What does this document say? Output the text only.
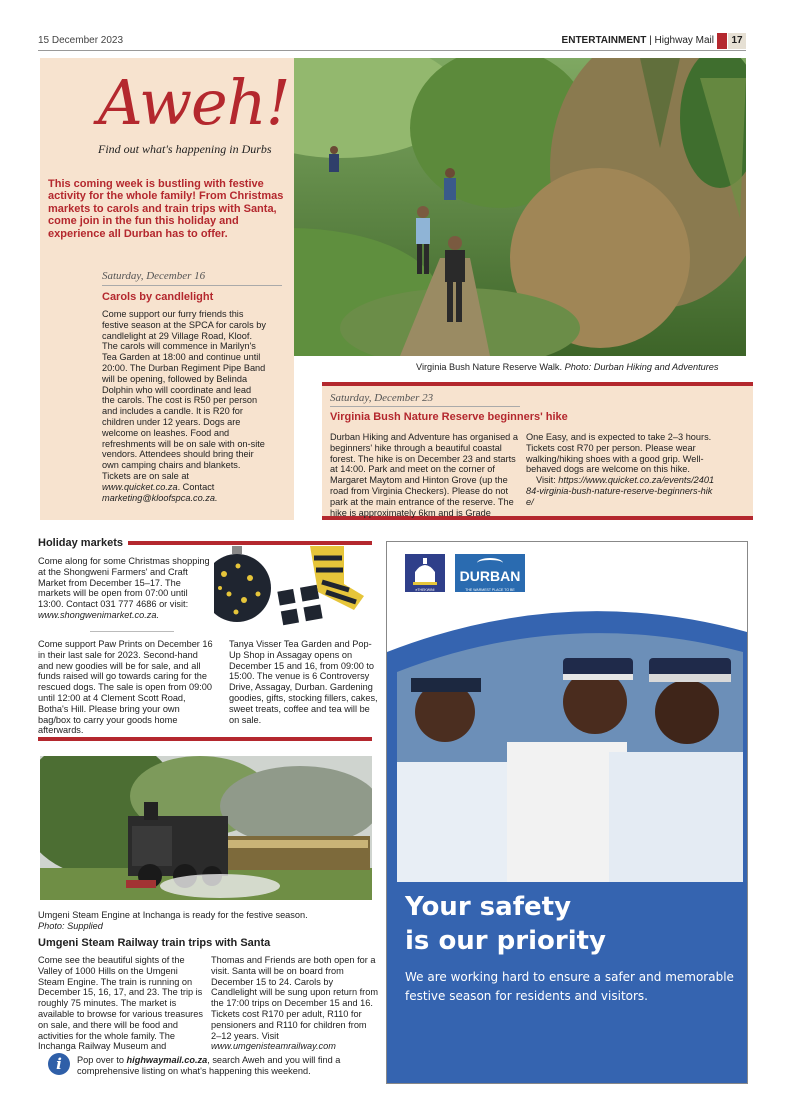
15 December 2023	ENTERTAINMENT | Highway Mail	17
Aweh!
Find out what's happening in Durbs
This coming week is bustling with festive activity for the whole family! From Christmas markets to carols and train trips with Santa, come join in the fun this holiday and experience all Durban has to offer.
Saturday, December 16
Carols by candlelight
Come support our furry friends this festive season at the SPCA for carols by candlelight at 29 Village Road, Kloof. The carols will commence in Marilyn's Tea Garden at 18:00 and continue until 20:00. The Durban Regiment Pipe Band will be opening, followed by Belinda Dolphin who will coordinate and lead the carols. The cost is R50 per person and includes a candle. It is R20 for children under 12 years. Dogs are welcome on leashes. Food and refreshments will be on sale with on-site vendors. Attendees should bring their own camping chairs and blankets. Tickets are on sale at www.quicket.co.za. Contact marketing@kloofspca.co.za.
Virginia Bush Nature Reserve Walk. Photo: Durban Hiking and Adventures
Saturday, December 23
Virginia Bush Nature Reserve beginners' hike
Durban Hiking and Adventure has organised a beginners' hike through a beautiful coastal forest. The hike is on December 23 and starts at 14:00. Park and meet on the corner of Margaret Maytom and Hinton Grove (up the road from Virginia Checkers). Please do not park at the main entrance of the reserve. The hike is approximately 6km and is Grade
One Easy, and is expected to take 2–3 hours. Tickets cost R70 per person. Please wear walking/hiking shoes with a good grip. Well-behaved dogs are welcome on this hike.
Visit: https://www.quicket.co.za/events/240184-virginia-bush-nature-reserve-beginners-hike/
Holiday markets
Come along for some Christmas shopping at the Shongweni Farmers' and Craft Market from December 15–17. The markets will be open from 07:00 until 13:00. Contact 031 777 4686 or visit: www.shongwenimarket.co.za.
Come support Paw Prints on December 16 in their last sale for 2023. Second-hand and new goodies will be for sale, and all funds raised will go towards caring for the rescued dogs. The sale is open from 09:00 until 12:00 at 4 Clement Scott Road, Botha's Hill. Please bring your own bag/box to carry your goods home afterwards.
Tanya Visser Tea Garden and Pop-Up Shop in Assagay opens on December 15 and 16, from 09:00 to 15:00. The venue is 6 Controversy Drive, Assagay, Durban. Gardening goodies, gifts, stocking fillers, cakes, sweet treats, coffee and tea will be on sale.
Umgeni Steam Engine at Inchanga is ready for the festive season.
Photo: Supplied
Umgeni Steam Railway train trips with Santa
Come see the beautiful sights of the Valley of 1000 Hills on the Umgeni Steam Engine. The train is running on December 15, 16, 17, and 23. The trip is roughly 75 minutes. The market is available to browse for various treasures on sale, and there will be food and activities for the whole family. The Inchanga Railway Museum and
Thomas and Friends are both open for a visit. Santa will be on board from December 15 to 24. Carols by Candlelight will be sung upon return from the 17:00 trips on December 15 and 16. Tickets cost R170 per adult, R110 for pensioners and R110 for children from 2–12 years. Visit www.umgenisteamrailway.com
i	Pop over to highwaymail.co.za, search Aweh and you will find a comprehensive listing on what's happening this weekend.
eTHEKWINI
DURBAN
THE WARMEST PLACE TO BE
Your safety
is our priority
We are working hard to ensure a safer and memorable festive season for residents and visitors.
